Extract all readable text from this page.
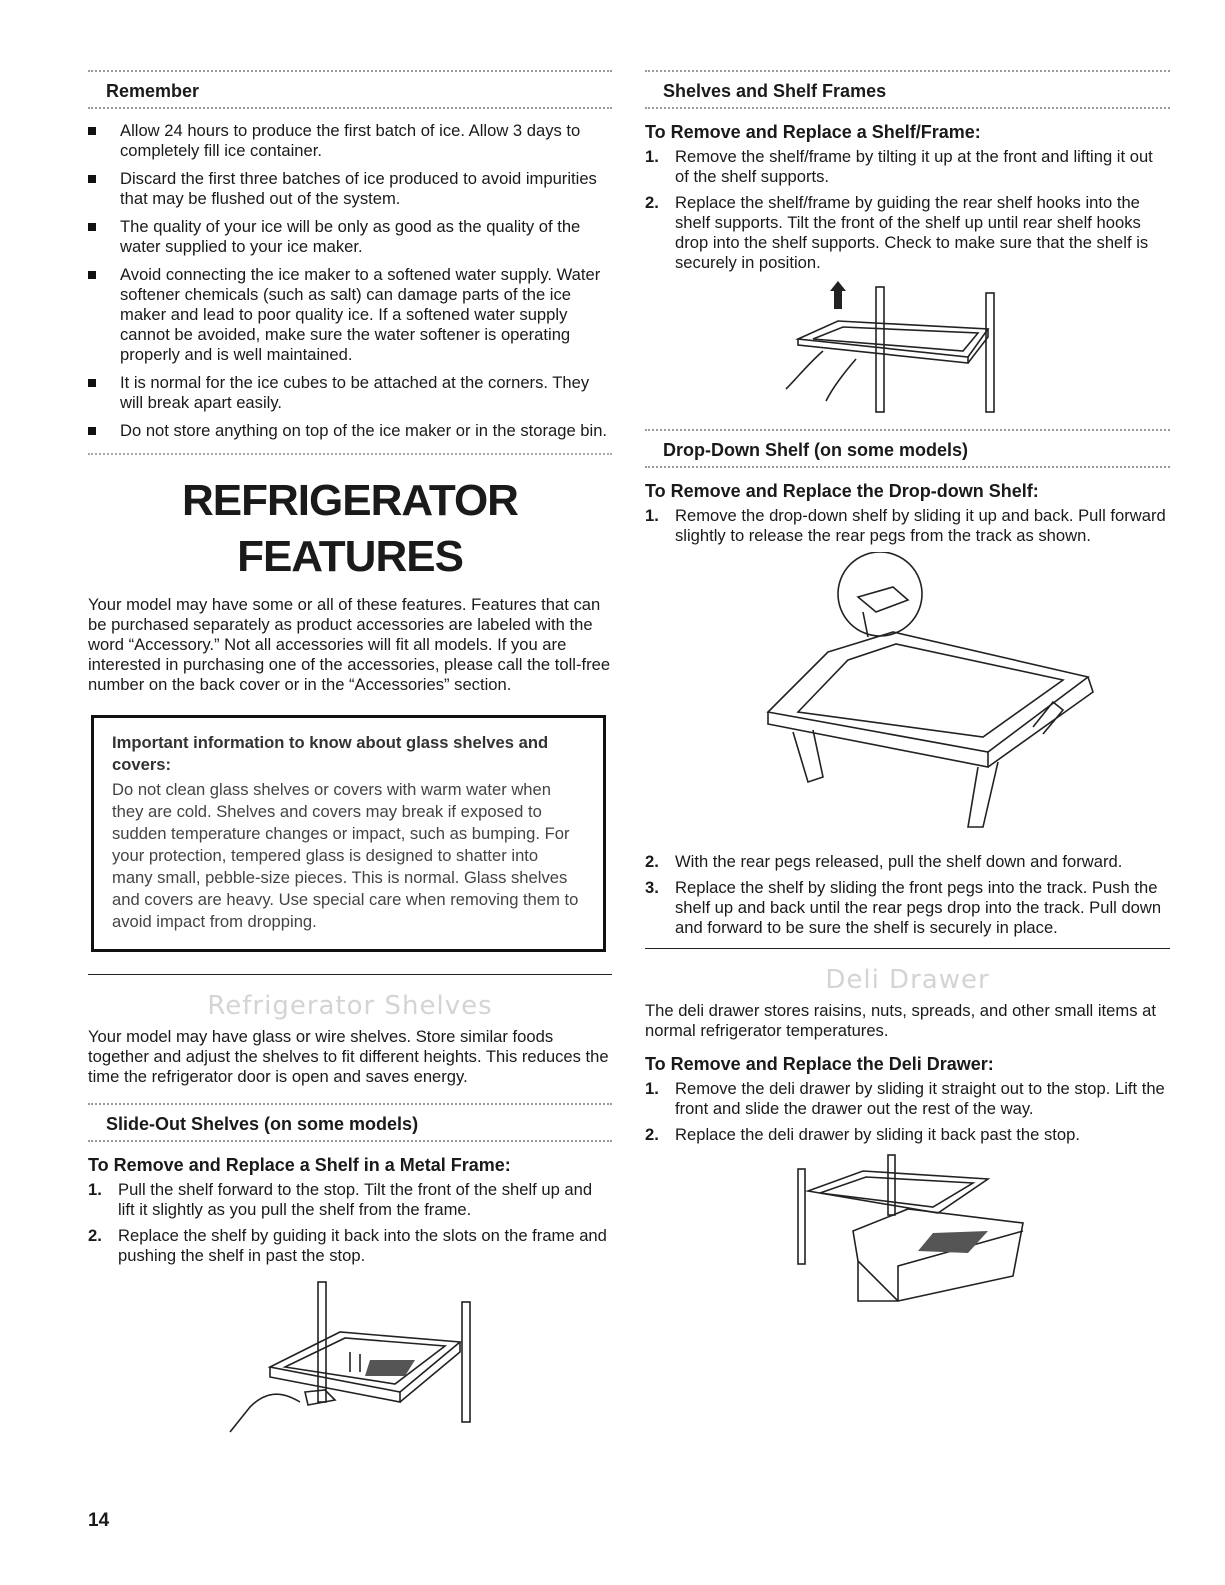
Remember
Allow 24 hours to produce the first batch of ice. Allow 3 days to completely fill ice container.
Discard the first three batches of ice produced to avoid impurities that may be flushed out of the system.
The quality of your ice will be only as good as the quality of the water supplied to your ice maker.
Avoid connecting the ice maker to a softened water supply. Water softener chemicals (such as salt) can damage parts of the ice maker and lead to poor quality ice. If a softened water supply cannot be avoided, make sure the water softener is operating properly and is well maintained.
It is normal for the ice cubes to be attached at the corners. They will break apart easily.
Do not store anything on top of the ice maker or in the storage bin.
REFRIGERATOR FEATURES

Your model may have some or all of these features. Features that can be purchased separately as product accessories are labeled with the word “Accessory.” Not all accessories will fit all models. If you are interested in purchasing one of the accessories, please call the toll-free number on the back cover or in the “Accessories” section.

Important information to know about glass shelves and covers:
Do not clean glass shelves or covers with warm water when they are cold. Shelves and covers may break if exposed to sudden temperature changes or impact, such as bumping. For your protection, tempered glass is designed to shatter into many small, pebble-size pieces. This is normal. Glass shelves and covers are heavy. Use special care when removing them to avoid impact from dropping.
Refrigerator Shelves

Your model may have glass or wire shelves. Store similar foods together and adjust the shelves to fit different heights. This reduces the time the refrigerator door is open and saves energy.

Slide-Out Shelves (on some models)
To Remove and Replace a Shelf in a Metal Frame:
1. Pull the shelf forward to the stop. Tilt the front of the shelf up and lift it slightly as you pull the shelf from the frame.
2. Replace the shelf by guiding it back into the slots on the frame and pushing the shelf in past the stop.
Shelves and Shelf Frames
To Remove and Replace a Shelf/Frame:
1. Remove the shelf/frame by tilting it up at the front and lifting it out of the shelf supports.
2. Replace the shelf/frame by guiding the rear shelf hooks into the shelf supports. Tilt the front of the shelf up until rear shelf hooks drop into the shelf supports. Check to make sure that the shelf is securely in position.
Drop-Down Shelf (on some models)
To Remove and Replace the Drop-down Shelf:
1. Remove the drop-down shelf by sliding it up and back. Pull forward slightly to release the rear pegs from the track as shown.
2. With the rear pegs released, pull the shelf down and forward.
3. Replace the shelf by sliding the front pegs into the track. Push the shelf up and back until the rear pegs drop into the track. Pull down and forward to be sure the shelf is securely in place.
Deli Drawer

The deli drawer stores raisins, nuts, spreads, and other small items at normal refrigerator temperatures.

To Remove and Replace the Deli Drawer:
1. Remove the deli drawer by sliding it straight out to the stop. Lift the front and slide the drawer out the rest of the way.
2. Replace the deli drawer by sliding it back past the stop.
14
